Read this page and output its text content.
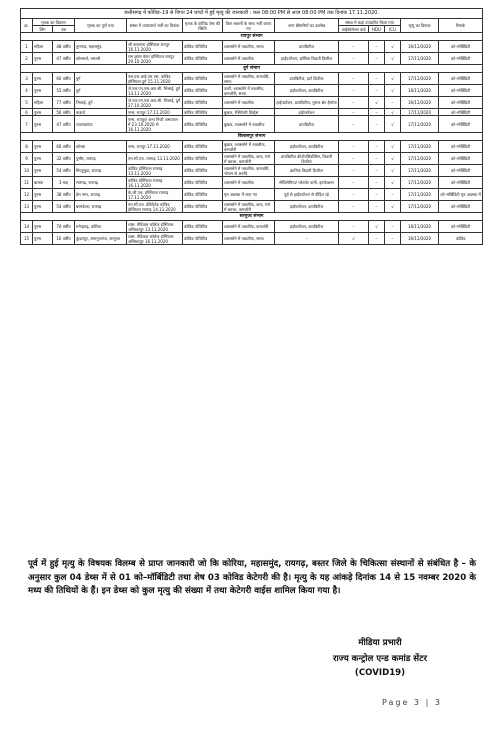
छत्तीसगढ़ में कोविड–19 से विगत 24 घण्टो में हुई मृत्यु की जानकारी : कल 08:00 PM से आज 08:00 PM तक दिनांक 17.11.2020.												
क्र.	मृतक का विवरण		मृतक का पूर्ण पता	संस्था में उपचारार्थ भर्ती का दिनांक	मृतक के कोविड टेस्ट की स्थिति	किन लक्षणों के साथ भर्ती कराए गए	अन्य बीमारियों का उल्लेख	संस्था में कहां उपचारित किया गया			मृत्यु का दिनांक	रिमार्क
	लिंग	उम्र						आईसोलेशन वार्ड	HDU	ICU		
रायपुर संभाग												
1	महिला	48 वर्षीय	तुमगांव, महासमुंद	श्री नारायणा हॉस्पिटल रायपुर 16.11.2020	कोविड पॉजिटिव	श्वासलेने में तकलीफ, सरफ	डायबिटीज	–	–	√	16/11/2020	को–मॉर्बिडिटी
2	पुरुष	47 वर्षीय	कोसमर्रा, धमतरी	राम कृष्ण केयर हॉस्पिटल रायपुर 29.10.2020	कोविड पॉजिटिव	श्वासलेने में तकलीफ	हाईपरटेंशन, क्रॉनिक किडनी डिसीज	–	–	√	17/11/2020	को–मॉर्बिडिटी
दुर्ग संभाग												
3	पुरुष	60 वर्षीय	दुर्ग	एस.एस.आई.एम.एस. कोविड हॉस्पिटल दुर्ग 15.11.2020	कोविड पॉजिटिव	श्वासलेने में तकलीफ, कमजोरी, सरफ	डायबिटीज, हार्ट डिजीज	–	–	√	17/11/2020	को–मॉर्बिडिटी
4	पुरुष	55 वर्षीय	दुर्ग	जे.एल.एन.एस.आर.सी. भिलाई, दुर्ग 13.11.2020	कोविड पॉजिटिव	उल्टी, श्वासलेने में तकलीफ, कमजोरी, सरफ	हाईपरटेंशन, डायबिटीज	–	–	√	16/11/2020	को–मॉर्बिडिटी
5	महिला	77 वर्षीय	भिलाई, दुर्ग	जे.एल.एन.एस.आर.सी. भिलाई, दुर्ग 27.10.2020	कोविड पॉजिटिव	श्वासलेने में तकलीफ	हाईपरटेंशन, डायबिटीज, पुराना ब्रेन हैमरेज	–	√	–	16/11/2020	को–मॉर्बिडिटी
6	पुरुष	56 वर्षीय	कवर्धा	एम्स, रायपुर 17.11.2020	कोविड पॉजिटिव	बुखार, रेस्पिरेटरी डिस्ट्रेस	हाईपरटेंशन	–	–	√	17/11/2020	को–मॉर्बिडिटी
7	पुरुष	47 वर्षीय	राजनांदगांव	एम्स, रायपुर/ अन्य निजी अस्पताल में 23.10.2020 से 16.11.2020	कोविड पॉजिटिव	बुखार, श्वासलेने में तकलीफ	डायबिटीज	–	–	√	17/11/2020	को–मॉर्बिडिटी
बिलासपुर संभाग												
8	पुरुष	66 वर्षीय	कोरबा	एम्स, रायपुर 17.11.2020	कोविड पॉजिटिव	बुखार, श्वासलेने में तकलीफ, कमजोरी	हाईपरटेंशन, डायबिटीज	–	–	√	17/11/2020	को–मॉर्बिडिटी
9	पुरुष	32 वर्षीय	पुसौर, रायगढ़	एम.सी.एच. रायगढ़ 13.11.2020	कोविड पॉजिटिव	श्वासलेने में तकलीफ, कफ, गले में खराश, कमजोरी	डायबिटीज कीटोएसिडोसिस, किडनी डिजीज	–	–	√	17/11/2020	को–मॉर्बिडिटी
10	पुरुष	54 वर्षीय	मिण्डुमुडा, रायगढ़	कोविड हॉस्पिटल रायगढ़ 13.11.2020	कोविड पॉजिटिव	श्वासलेने में तकलीफ, कमजोरी, भोजन से अरुचि	क्रानिक किडनी डिजीज	–	–	√	17/11/2020	को–मॉर्बिडिटी
11	बालक	3 माह	सारंगढ़, रायगढ़	कोविड हॉस्पिटल रायगढ़ 16.11.2020	कोविड पॉजिटिव	श्वासलेने में तकलीफ	सेप्टिसेमिया/ प्लेटलेट कमी, इनफेक्शन	–	–	√	17/11/2020	को–मॉर्बिडिटी
12	पुरुष	38 वर्षीय	प्रेम नगर, रायगढ़	के.जी.एच. हॉस्पिटल रायगढ़ 17.11.2020	कोविड पॉजिटिव	मृत अवस्था में लाए गए	पूर्व से हाईपरटेंशन से पीड़ित रहे	–	–	–	17/11/2020	को–मॉर्बिडिटी मृत अवस्था में
13	पुरुष	54 वर्षीय	बरमकेला, रायगढ़	एम.सी.एच. डेडिकेटेड कोविड हॉस्पिटल रायगढ़ 14.11.2020	कोविड पॉजिटिव	श्वासलेने में तकलीफ, कफ, गले में खराश, कमजोरी	हाईपरटेंशन, डायबिटीज	–	–	√	17/11/2020	को–मॉर्बिडिटी
सरगुजा संभाग												
14	पुरुष	70 वर्षीय	मनेन्द्रगढ़, कोरिया	शास. मेडिकल कॉलेज हॉस्पिटल अम्बिकापुर 13.11.2020	कोविड पॉजिटिव	श्वासलेने में तकलीफ, कमजोरी	हाईपरटेंशन, डायबिटीज	–	√	–	16/11/2020	को–मॉर्बिडिटी
15	पुरुष	16 वर्षीय	कुंदरापुर, रामानुजगंज, सरगुजा	शास. मेडिकल कॉलेज हॉस्पिटल अम्बिकापुर 16.11.2020	कोविड पॉजिटिव	श्वासलेने में तकलीफ, सरफ	–	√	–	–	16/11/2020	कोविड
पूर्व में हुई मृत्यु के विषयक विलम्ब से प्राप्त जानकारी जो कि कोरिया, महासमुंद, रायगढ़, बस्तर जिले के चिकित्सा संस्थानों से संबंधित है – के अनुसार कुल 04 डेथ्स में से 01 को–मॉर्बिडिटी तथा शेष 03 कोविड केटेगरी की है। मृत्यु के यह आंकड़े दिनांक 14 से 15 नवम्बर 2020 के मध्य की तिथियों के हैं। इन डेथ्स को कुल मृत्यु की संख्या में तथा केटेगरी वाईस शामिल किया गया है।
मीडिया प्रभारी
राज्य कन्ट्रोल एन्ड कमांड सेंटर
(COVID19)
Page 3 | 3
